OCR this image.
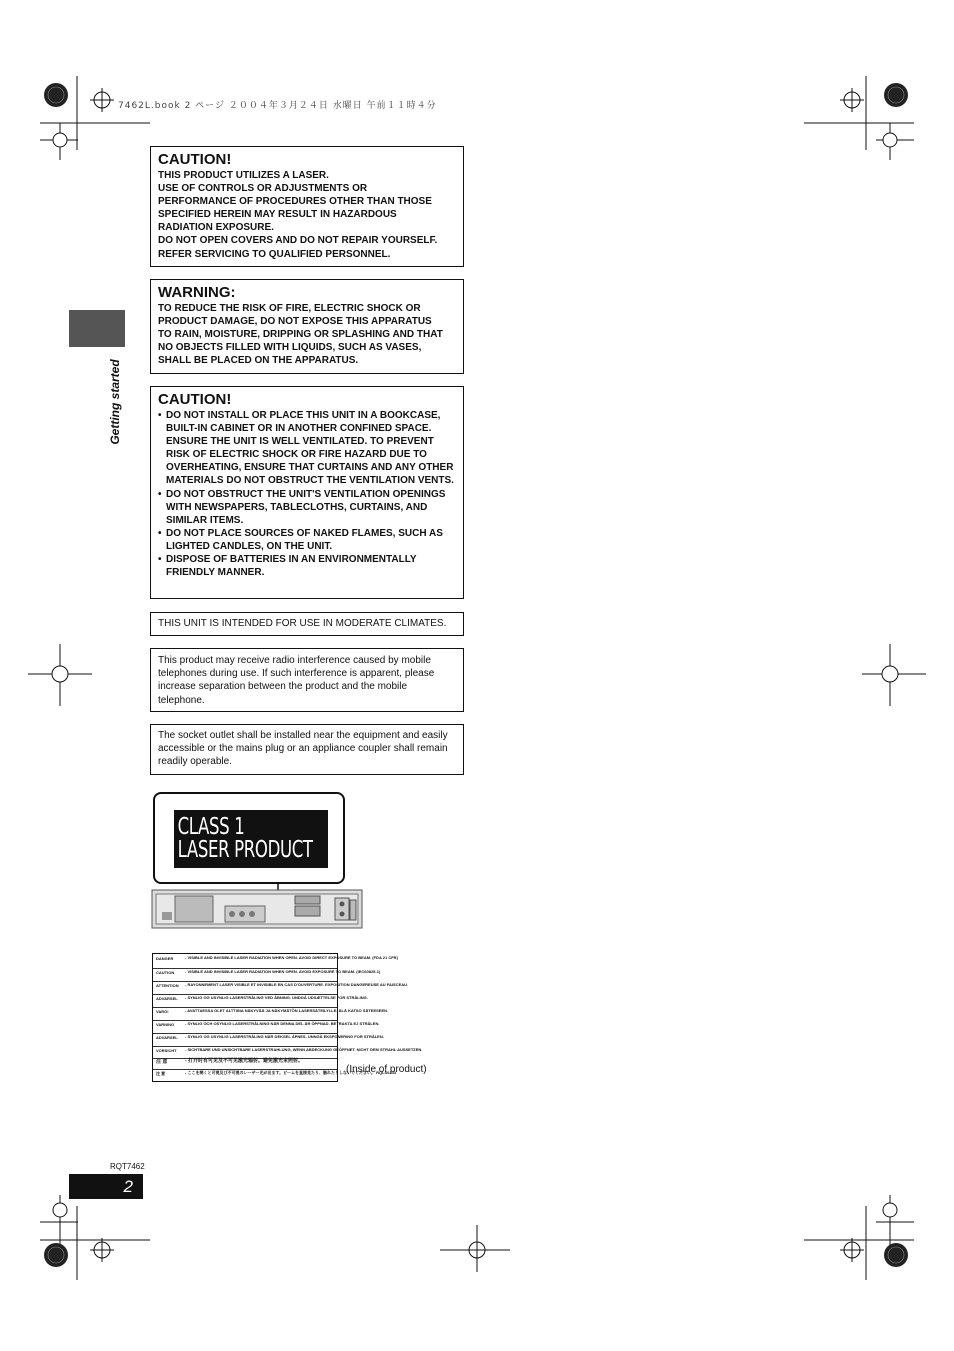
7462L.book 2 ページ ２００４年３月２４日 水曜日 午前１１時４分
Getting started
CAUTION!

THIS PRODUCT UTILIZES A LASER.

USE OF CONTROLS OR ADJUSTMENTS OR

PERFORMANCE OF PROCEDURES OTHER THAN THOSE

SPECIFIED HEREIN MAY RESULT IN HAZARDOUS

RADIATION EXPOSURE.

DO NOT OPEN COVERS AND DO NOT REPAIR YOURSELF.

REFER SERVICING TO QUALIFIED PERSONNEL.

WARNING:

TO REDUCE THE RISK OF FIRE, ELECTRIC SHOCK OR

PRODUCT DAMAGE, DO NOT EXPOSE THIS APPARATUS

TO RAIN, MOISTURE, DRIPPING OR SPLASHING AND THAT

NO OBJECTS FILLED WITH LIQUIDS, SUCH AS VASES,

SHALL BE PLACED ON THE APPARATUS.

CAUTION!
• DO NOT INSTALL OR PLACE THIS UNIT IN A BOOKCASE, BUILT-IN CABINET OR IN ANOTHER CONFINED SPACE. ENSURE THE UNIT IS WELL VENTILATED. TO PREVENT RISK OF ELECTRIC SHOCK OR FIRE HAZARD DUE TO OVERHEATING, ENSURE THAT CURTAINS AND ANY OTHER MATERIALS DO NOT OBSTRUCT THE VENTILATION VENTS.
• DO NOT OBSTRUCT THE UNIT'S VENTILATION OPENINGS WITH NEWSPAPERS, TABLECLOTHS, CURTAINS, AND SIMILAR ITEMS.
• DO NOT PLACE SOURCES OF NAKED FLAMES, SUCH AS LIGHTED CANDLES, ON THE UNIT.
• DISPOSE OF BATTERIES IN AN ENVIRONMENTALLY FRIENDLY MANNER.
THIS UNIT IS INTENDED FOR USE IN MODERATE CLIMATES.
This product may receive radio interference caused by mobile telephones during use. If such interference is apparent, please increase separation between the product and the mobile telephone.
The socket outlet shall be installed near the equipment and easily accessible or the mains plug or an appliance coupler shall remain readily operable.
CLASS 1
LASER PRODUCT
DANGER	- VISIBLE AND INVISIBLE LASER RADIATION WHEN OPEN. AVOID DIRECT EXPOSURE TO BEAM. (FDA 21 CFR)
CAUTION	- VISIBLE AND INVISIBLE LASER RADIATION WHEN OPEN. AVOID EXPOSURE TO BEAM. (IEC60825-1)
ATTENTION - RAYONNEMENT LASER VISIBLE ET INVISIBLE EN CAS D'OUVERTURE. EXPOSITION DANGEREUSE AU FAISCEAU.
ADVARSEL - SYNLIG OG USYNLIG LASERSTRÅLING VED ÅBNING. UNDGÅ UDSÆTTELSE FOR STRÅLING.
VARO!	- AVATTAESSA OLET ALTTIINA NÄKYVÄÄ JA NÄKYMÄTÖN LASERSÄTEILYLLE. ÄLÄ KATSO SÄTEESEEN.
VARNING	- SYNLIG OCH OSYNLIG LASERSTRÅLNING NÄR DENNA DEL ÄR ÖPPNAD. BETRAKTA EJ STRÅLEN.
ADVARSEL - SYNLIG OG USYNLIG LASERSTRÅLING NÅR DEKSEL ÅPNES. UNNGÅ EKSPONERING FOR STRÅLEN.
VORSICHT - SICHTBARE UND UNSICHTBARE LASERSTRAHLUNG, WENN ABDECKUNG GEÖFFNET. NICHT DEM STRAHL AUSSETZEN.
注 意	- 打开时有可见及不可见激光辐射。避免激光束照射。
注 意	- ここを開くと可視及び不可視のレーザー光が出ます。ビームを直接見たり、触れたりしないでください。 RQLS0233
(Inside of product)
RQT7462
2
